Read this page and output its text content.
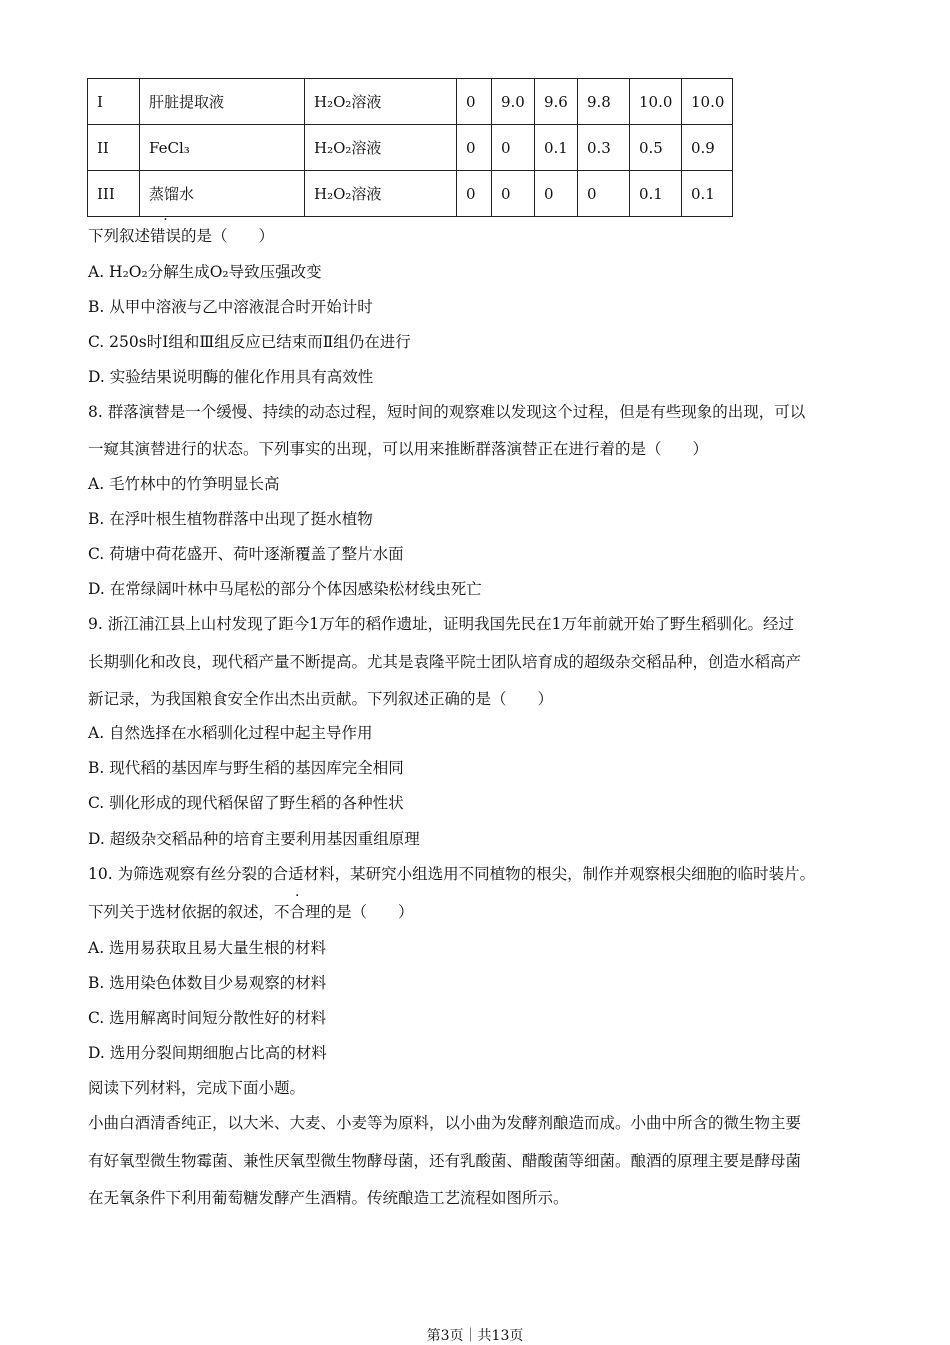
I	肝脏提取液	H₂O₂溶液	0	9.0	9.6	9.8	10.0	10.0
II	FeCl₃	H₂O₂溶液	0	0	0.1	0.3	0.5	0.9
III	蒸馏水	H₂O₂溶液	0	0	0	0	0.1	0.1
下列叙述错误的是（　　）
A. H₂O₂分解生成O₂导致压强改变
B. 从甲中溶液与乙中溶液混合时开始计时
C. 250s时Ⅰ组和Ⅲ组反应已结束而Ⅱ组仍在进行
D. 实验结果说明酶的催化作用具有高效性
8. 群落演替是一个缓慢、持续的动态过程，短时间的观察难以发现这个过程，但是有些现象的出现，可以
一窥其演替进行的状态。下列事实的出现，可以用来推断群落演替正在进行着的是（　　）
A. 毛竹林中的竹笋明显长高
B. 在浮叶根生植物群落中出现了挺水植物
C. 荷塘中荷花盛开、荷叶逐渐覆盖了整片水面
D. 在常绿阔叶林中马尾松的部分个体因感染松材线虫死亡
9. 浙江浦江县上山村发现了距今1万年的稻作遗址，证明我国先民在1万年前就开始了野生稻驯化。经过
长期驯化和改良，现代稻产量不断提高。尤其是袁隆平院士团队培育成的超级杂交稻品种，创造水稻高产
新记录，为我国粮食安全作出杰出贡献。下列叙述正确的是（　　）
A. 自然选择在水稻驯化过程中起主导作用
B. 现代稻的基因库与野生稻的基因库完全相同
C. 驯化形成的现代稻保留了野生稻的各种性状
D. 超级杂交稻品种的培育主要利用基因重组原理
10. 为筛选观察有丝分裂的合适材料，某研究小组选用不同植物的根尖，制作并观察根尖细胞的临时装片。
下列关于选材依据的叙述，不合理的是（　　）
A. 选用易获取且易大量生根的材料
B. 选用染色体数目少易观察的材料
C. 选用解离时间短分散性好的材料
D. 选用分裂间期细胞占比高的材料
阅读下列材料，完成下面小题。
小曲白酒清香纯正，以大米、大麦、小麦等为原料，以小曲为发酵剂酿造而成。小曲中所含的微生物主要
有好氧型微生物霉菌、兼性厌氧型微生物酵母菌，还有乳酸菌、醋酸菌等细菌。酿酒的原理主要是酵母菌
在无氧条件下利用葡萄糖发酵产生酒精。传统酿造工艺流程如图所示。
第3页｜共13页
